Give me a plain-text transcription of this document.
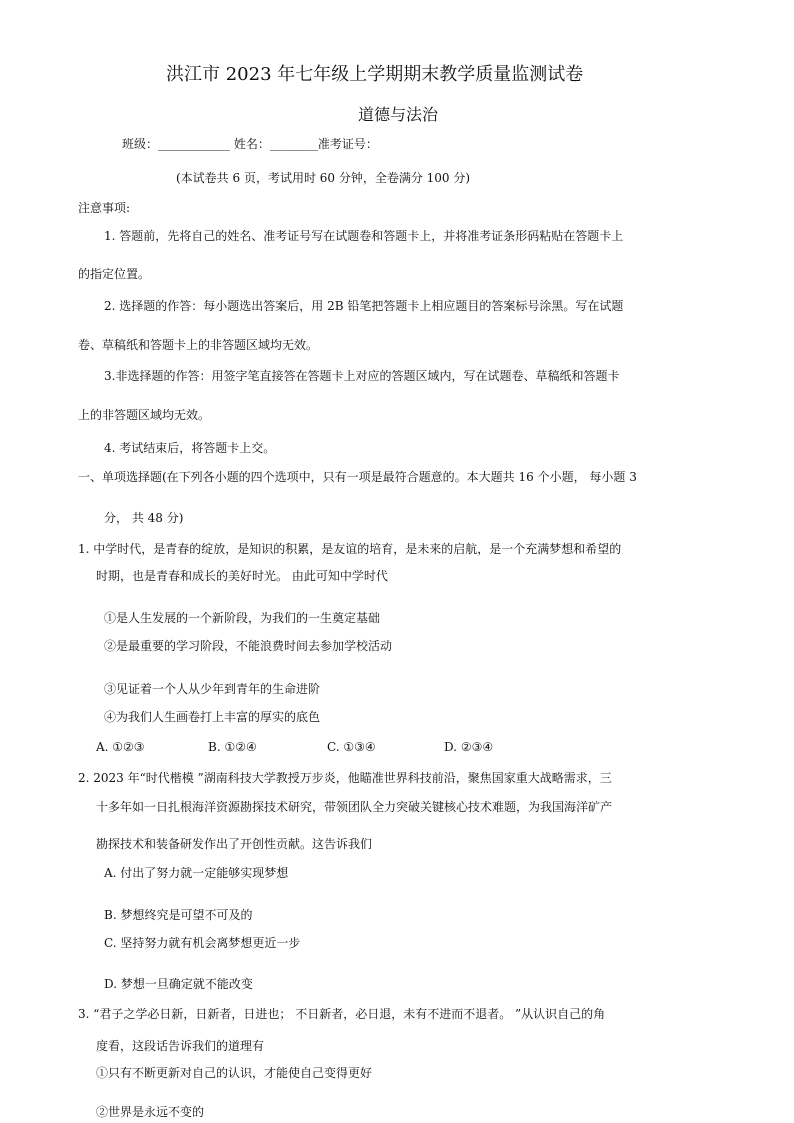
洪江市 2023 年七年级上学期期末教学质量监测试卷
道德与法治
班级：____________ 姓名：________准考证号：
(本试卷共 6 页，考试用时 60 分钟，全卷满分 100 分)
注意事项:
1. 答题前，先将自己的姓名、准考证号写在试题卷和答题卡上，并将准考证条形码粘贴在答题卡上
的指定位置。
2. 选择题的作答：每小题选出答案后，用 2B 铅笔把答题卡上相应题目的答案标号涂黑。写在试题
卷、草稿纸和答题卡上的非答题区域均无效。
3.非选择题的作答：用签字笔直接答在答题卡上对应的答题区域内，写在试题卷、草稿纸和答题卡
上的非答题区域均无效。
4. 考试结束后，将答题卡上交。
一、单项选择题(在下列各小题的四个选项中，只有一项是最符合题意的。本大题共 16 个小题， 每小题 3
分， 共 48 分)
1. 中学时代，是青春的绽放，是知识的积累，是友谊的培育，是未来的启航，是一个充满梦想和希望的
时期，也是青春和成长的美好时光。 由此可知中学时代
①是人生发展的一个新阶段，为我们的一生奠定基础
②是最重要的学习阶段，不能浪费时间去参加学校活动
③见证着一个人从少年到青年的生命进阶
④为我们人生画卷打上丰富的厚实的底色
A. ①②③	B. ①②④	C. ①③④	D. ②③④
2. 2023 年“时代楷模 ”湖南科技大学教授万步炎，他瞄准世界科技前沿，聚焦国家重大战略需求，三
十多年如一日扎根海洋资源勘探技术研究，带领团队全力突破关键核心技术难题，为我国海洋矿产
勘探技术和装备研发作出了开创性贡献。这告诉我们
A. 付出了努力就一定能够实现梦想
B. 梦想终究是可望不可及的
C. 坚持努力就有机会离梦想更近一步
D. 梦想一旦确定就不能改变
3. “君子之学必日新，日新者，日进也； 不日新者，必日退，未有不进而不退者。 ”从认识自己的角
度看，这段话告诉我们的道理有
①只有不断更新对自己的认识，才能使自己变得更好
②世界是永远不变的
